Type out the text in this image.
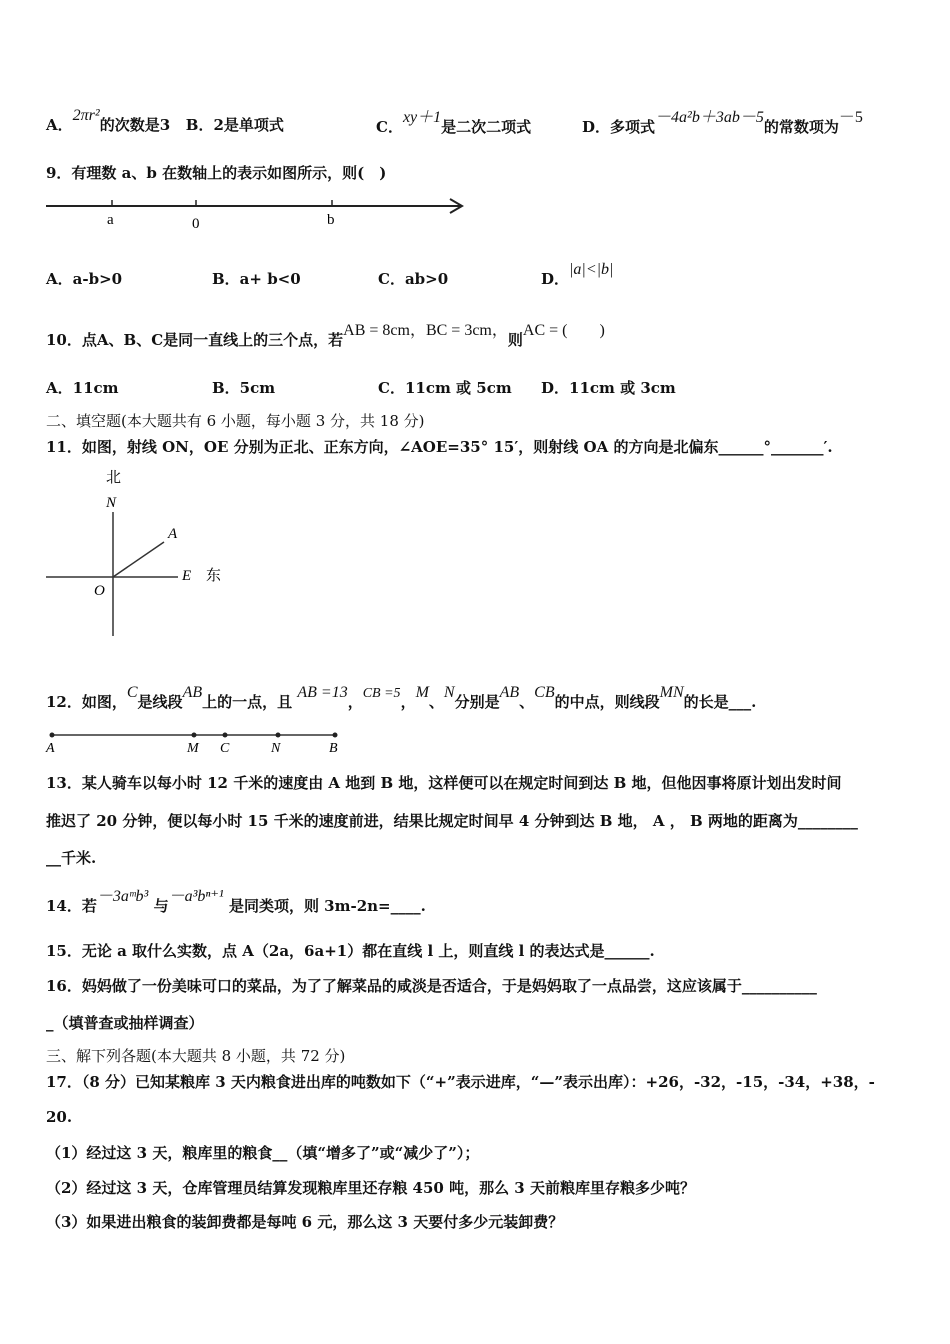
A．2πr²的次数是3 B．2是单项式	C．xy＋1是二次二项式	D．多项式－4a²b＋3ab－5的常数项为－5
9．有理数 a、b 在数轴上的表示如图所示，则(　)
a	0	b
A．a-b>0	B．a+ b<0	C．ab>0	D．|a|<|b|
10．点A、B、C是同一直线上的三个点，若AB = 8cm，BC = 3cm，则AC = (　　)
A．11cm	B．5cm	C．11cm 或 5cm D．11cm 或 3cm
二、填空题(本大题共有 6 小题，每小题 3 分，共 18 分)
11．如图，射线 ON，OE 分别为正北、正东方向，∠AOE=35° 15′，则射线 OA 的方向是北偏东______°_______′.
北
N
A
O
E 东
12．如图，C是线段AB上的一点，且 AB =13，CB =5，M、N分别是AB、CB的中点，则线段MN的长是___.
A	M C	N	B
13．某人骑车以每小时 12 千米的速度由 A 地到 B 地，这样便可以在规定时间到达 B 地，但他因事将原计划出发时间
推迟了 20 分钟，便以每小时 15 千米的速度前进，结果比规定时间早 4 分钟到达 B 地， A ， B 两地的距离为________
__千米.
14．若－3aᵐb³ 与－a³bⁿ⁺¹ 是同类项，则 3m-2n=____.
15．无论 a 取什么实数，点 A（2a，6a+1）都在直线 l 上，则直线 l 的表达式是______.
16．妈妈做了一份美味可口的菜品，为了了解菜品的咸淡是否适合，于是妈妈取了一点品尝，这应该属于__________
_（填普查或抽样调查）
三、解下列各题(本大题共 8 小题，共 72 分)
17．（8 分）已知某粮库 3 天内粮食进出库的吨数如下（“+”表示进库，“—”表示出库）：+26，-32，-15，-34，+38，-
20.
（1）经过这 3 天，粮库里的粮食__（填“增多了”或“减少了”）；
（2）经过这 3 天，仓库管理员结算发现粮库里还存粮 450 吨，那么 3 天前粮库里存粮多少吨？
（3）如果进出粮食的装卸费都是每吨 6 元，那么这 3 天要付多少元装卸费？
